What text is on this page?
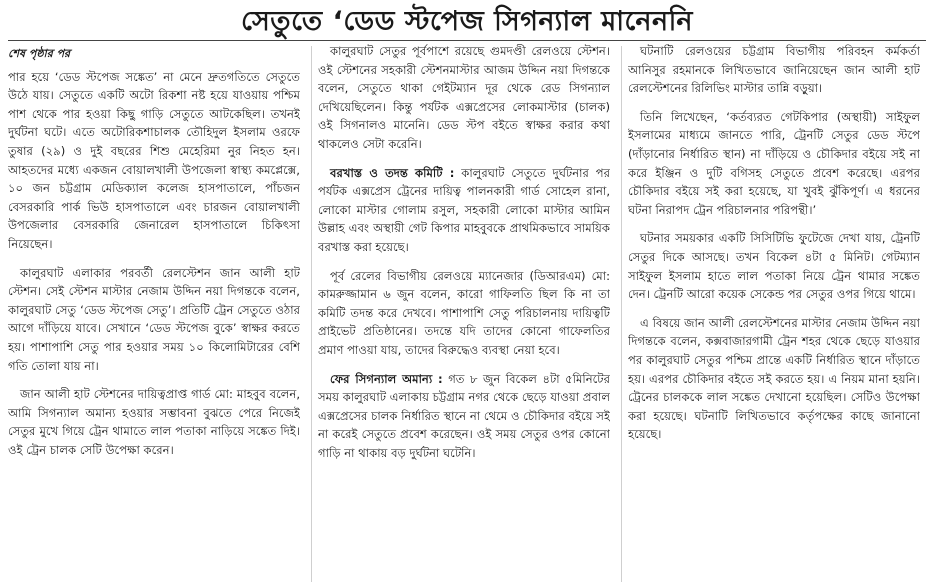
সেতুতে ‘ডেড স্টপেজ সিগন্যাল মানেননি
শেষ পৃষ্ঠার পর

পার হয়ে ‘ডেড স্টপেজ সঙ্কেত’ না মেনে দ্রুতগতিতে সেতুতে উঠে যায়। সেতুতে একটি অটো রিকশা নষ্ট হয়ে যাওয়ায় পশ্চিম পাশ থেকে পার হওয়া কিছু গাড়ি সেতুতে আটকেছিল। তখনই দুর্ঘটনা ঘটে। এতে অটোরিকশাচালক তৌহিদুল ইসলাম ওরফে তুষার (২৯) ও দুই বছরের শিশু মেহেরিমা নুর নিহত হন। আহতদের মধ্যে একজন বোয়ালখালী উপজেলা স্বাস্থ্য কমপ্লেক্সে, ১০ জন চট্টগ্রাম মেডিক্যাল কলেজ হাসপাতালে, পাঁচজন বেসরকারি পার্ক ভিউ হাসপাতালে এবং চারজন বোয়ালখালী উপজেলার বেসরকারি জেনারেল হাসপাতালে চিকিৎসা নিয়েছেন।

কালুরঘাট এলাকার পরবর্তী রেলস্টেশন জান আলী হাট স্টেশন। সেই স্টেশন মাস্টার নেজাম উদ্দিন নয়া দিগন্তকে বলেন, কালুরঘাট সেতু ‘ডেড স্টপেজ সেতু’। প্রতিটি ট্রেন সেতুতে ওঠার আগে দাঁড়িয়ে যাবে। সেখানে ‘ডেড স্টপেজ বুকে’ স্বাক্ষর করতে হয়। পাশাপাশি সেতু পার হওয়ার সময় ১০ কিলোমিটারের বেশি গতি তোলা যায় না।

জান আলী হাট স্টেশনের দায়িত্বপ্রাপ্ত গার্ড মো: মাহবুব বলেন, আমি সিগন্যাল অমান্য হওয়ার সম্ভাবনা বুঝতে পেরে নিজেই সেতুর মুখে গিয়ে ট্রেন থামাতে লাল পতাকা নাড়িয়ে সঙ্কেত দিই। ওই ট্রেন চালক সেটি উপেক্ষা করেন।

কালুরঘাট সেতুর পূর্বপাশে রয়েছে গুমদণ্ডী রেলওয়ে স্টেশন। ওই স্টেশনের সহকারী স্টেশনমাস্টার আজম উদ্দিন নয়া দিগন্তকে বলেন, সেতুতে থাকা গেইটম্যান দূর থেকে রেড সিগন্যাল দেখিয়েছিলেন। কিন্তু পর্যটক এক্সপ্রেসের লোকমাস্টার (চালক) ওই সিগনালও মানেনি। ডেড স্টপ বইতে স্বাক্ষর করার কথা থাকলেও সেটা করেনি।

বরখাস্ত ও তদন্ত কমিটি : কালুরঘাট সেতুতে দুর্ঘটনার পর পর্যটক এক্সপ্রেস ট্রেনের দায়িত্ব পালনকারী গার্ড সোহেল রানা, লোকো মাস্টার গোলাম রসুল, সহকারী লোকো মাস্টার আমিন উল্লাহ এবং অস্থায়ী গেট কিপার মাহবুবকে প্রাথমিকভাবে সাময়িক বরখাস্ত করা হয়েছে।

পূর্ব রেলের বিভাগীয় রেলওয়ে ম্যানেজার (ডিআরএম) মো: কামরুজ্জামান ৬ জুন বলেন, কারো গাফিলতি ছিল কি না তা কমিটি তদন্ত করে দেখবে। পাশাপাশি সেতু পরিচালনায় দায়িত্বটি প্রাইভেট প্রতিষ্ঠানের। তদন্তে যদি তাদের কোনো গাফেলতির প্রমাণ পাওয়া যায়, তাদের বিরুদ্ধেও ব্যবস্থা নেয়া হবে।

ফের সিগন্যাল অমান্য : গত ৮ জুন বিকেল ৪টা ৫মিনিটের সময় কালুরঘাট এলাকায় চট্টগ্রাম নগর থেকে ছেড়ে যাওয়া প্রবাল এক্সপ্রেসের চালক নির্ধারিত স্থানে না থেমে ও চৌকিদার বইয়ে সই না করেই সেতুতে প্রবেশ করেছেন। ওই সময় সেতুর ওপর কোনো গাড়ি না থাকায় বড় দুর্ঘটনা ঘটেনি।

ঘটনাটি রেলওয়ের চট্টগ্রাম বিভাগীয় পরিবহন কর্মকর্তা আনিসুর রহমানকে লিখিতভাবে জানিয়েছেন জান আলী হাট রেলস্টেশনের রিলিভিং মাস্টার তান্নি বড়ুয়া।

তিনি লিখেছেন, ‘কর্তব্যরত গেটকিপার (অস্থায়ী) সাইফুল ইসলামের মাধ্যমে জানতে পারি, ট্রেনটি সেতুর ডেড স্টপে (দাঁড়ানোর নির্ধারিত স্থান) না দাঁড়িয়ে ও চৌকিদার বইয়ে সই না করে ইঞ্জিন ও দুটি বগিসহ সেতুতে প্রবেশ করেছে। এরপর চৌকিদার বইয়ে সই করা হয়েছে, যা খুবই ঝুঁকিপূর্ণ। এ ধরনের ঘটনা নিরাপদ ট্রেন পরিচালনার পরিপন্থী।’

ঘটনার সময়কার একটি সিসিটিভি ফুটেজে দেখা যায়, ট্রেনটি সেতুর দিকে আসছে। তখন বিকেল ৪টা ৫ মিনিট। গেটম্যান সাইফুল ইসলাম হাতে লাল পতাকা নিয়ে ট্রেন থামার সঙ্কেত দেন। ট্রেনটি আরো কয়েক সেকেন্ড পর সেতুর ওপর গিয়ে থামে।

এ বিষয়ে জান আলী রেলস্টেশনের মাস্টার নেজাম উদ্দিন নয়া দিগন্তকে বলেন, কক্সবাজারগামী ট্রেন শহর থেকে ছেড়ে যাওয়ার পর কালুরঘাট সেতুর পশ্চিম প্রান্তে একটি নির্ধারিত স্থানে দাঁড়াতে হয়। এরপর চৌকিদার বইতে সই করতে হয়। এ নিয়ম মানা হয়নি। ট্রেনের চালককে লাল সঙ্কেত দেখানো হয়েছিল। সেটিও উপেক্ষা করা হয়েছে। ঘটনাটি লিখিতভাবে কর্তৃপক্ষের কাছে জানানো হয়েছে।
